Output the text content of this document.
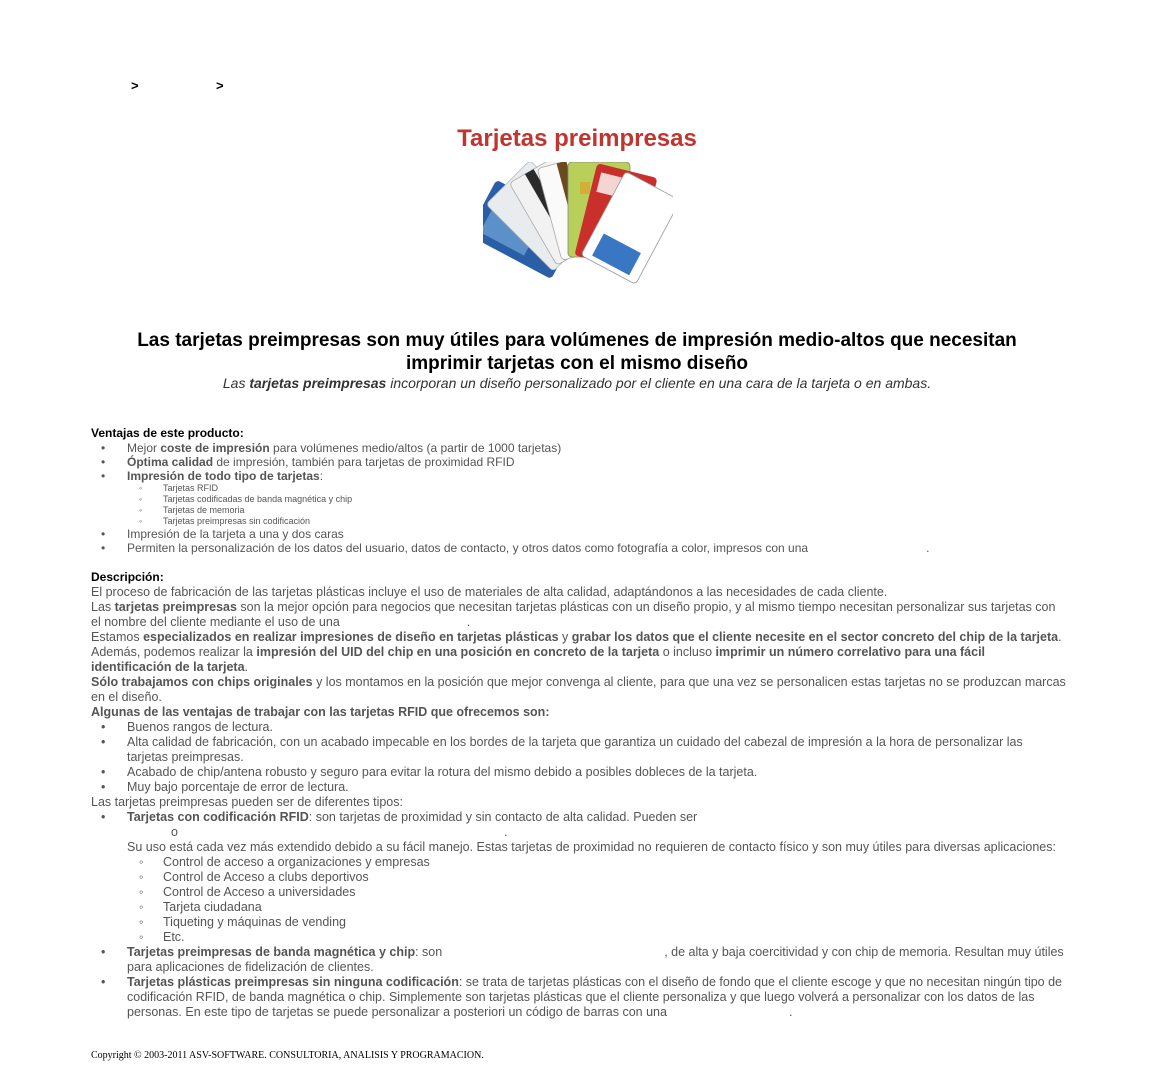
>	>
Tarjetas preimpresas
Las tarjetas preimpresas son muy útiles para volúmenes de impresión medio-altos que necesitan imprimir tarjetas con el mismo diseño
Las tarjetas preimpresas incorporan un diseño personalizado por el cliente en una cara de la tarjeta o en ambas.
Ventajas de este producto:
• Mejor coste de impresión para volúmenes medio/altos (a partir de 1000 tarjetas)
• Óptima calidad de impresión, también para tarjetas de proximidad RFID
• Impresión de todo tipo de tarjetas:
◦ Tarjetas RFID
◦ Tarjetas codificadas de banda magnética y chip
◦ Tarjetas de memoria
◦ Tarjetas preimpresas sin codificación
• Impresión de la tarjeta a una y dos caras
• Permiten la personalización de los datos del usuario, datos de contacto, y otros datos como fotografía a color, impresos con una	.
Descripción:

El proceso de fabricación de las tarjetas plásticas incluye el uso de materiales de alta calidad, adaptándonos a las necesidades de cada cliente.

Las tarjetas preimpresas son la mejor opción para negocios que necesitan tarjetas plásticas con un diseño propio, y al mismo tiempo necesitan personalizar sus tarjetas con el nombre del cliente mediante el uso de una	.

Estamos especializados en realizar impresiones de diseño en tarjetas plásticas y grabar los datos que el cliente necesite en el sector concreto del chip de la tarjeta. Además, podemos realizar la impresión del UID del chip en una posición en concreto de la tarjeta o incluso imprimir un número correlativo para una fácil identificación de la tarjeta.

Sólo trabajamos con chips originales y los montamos en la posición que mejor convenga al cliente, para que una vez se personalicen estas tarjetas no se produzcan marcas en el diseño.

Algunas de las ventajas de trabajar con las tarjetas RFID que ofrecemos son:

• Buenos rangos de lectura.
• Alta calidad de fabricación, con un acabado impecable en los bordes de la tarjeta que garantiza un cuidado del cabezal de impresión a la hora de personalizar las tarjetas preimpresas.
• Acabado de chip/antena robusto y seguro para evitar la rotura del mismo debido a posibles dobleces de la tarjeta.
• Muy bajo porcentaje de error de lectura.

Las tarjetas preimpresas pueden ser de diferentes tipos:

• Tarjetas con codificación RFID: son tarjetas de proximidad y sin contacto de alta calidad. Pueden ser
o	.
Su uso está cada vez más extendido debido a su fácil manejo. Estas tarjetas de proximidad no requieren de contacto físico y son muy útiles para diversas aplicaciones:
◦ Control de acceso a organizaciones y empresas
◦ Control de Acceso a clubs deportivos
◦ Control de Acceso a universidades
◦ Tarjeta ciudadana
◦ Tiqueting y máquinas de vending
◦ Etc.
• Tarjetas preimpresas de banda magnética y chip: son	, de alta y baja coercitividad y con chip de memoria. Resultan muy útiles para aplicaciones de fidelización de clientes.
• Tarjetas plásticas preimpresas sin ninguna codificación: se trata de tarjetas plásticas con el diseño de fondo que el cliente escoge y que no necesitan ningún tipo de codificación RFID, de banda magnética o chip. Simplemente son tarjetas plásticas que el cliente personaliza y que luego volverá a personalizar con los datos de las personas. En este tipo de tarjetas se puede personalizar a posteriori un código de barras con una	.
Copyright © 2003-2011 ASV-SOFTWARE. CONSULTORIA, ANALISIS Y PROGRAMACION.
